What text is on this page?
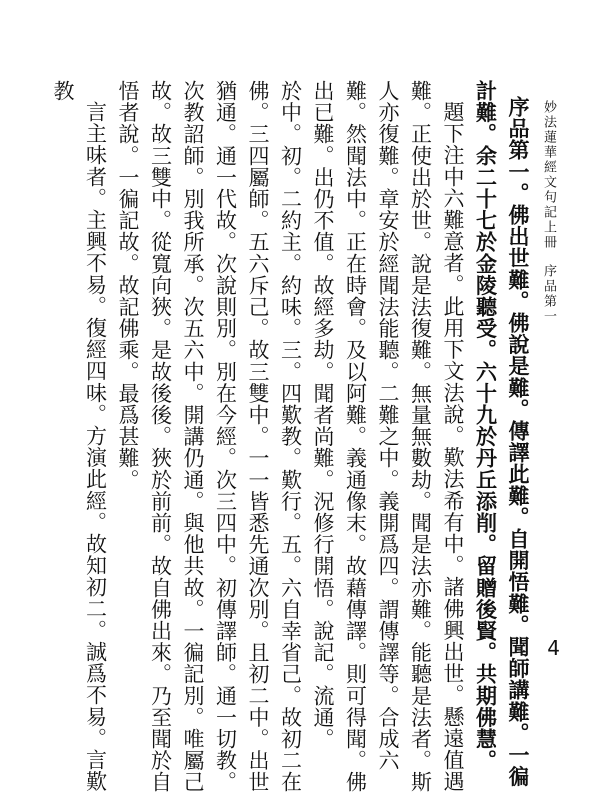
妙法蓮華經文句記上冊序品第一
4

序品第一。佛出世難。佛說是難。傳譯此難。自開悟難。聞師講難。一徧計難。余二十七於金陵聽受。六十九於丹丘添削。留贈後賢。共期佛慧。

題下注中六難意者。此用下文法說。歎法希有中。諸佛興出世。懸遠值遇難。正使出於世。說是法復難。無量無數劫。聞是法亦難。能聽是法者。斯人亦復難。章安於經聞法能聽。二難之中。義開爲四。謂傳譯等。合成六難。然聞法中。正在時會。及以阿難。義通像末。故藉傳譯。則可得聞。佛出已難。出仍不值。故經多劫。聞者尚難。況修行開悟。說記。流通。

於中。初。二約主。約味。三。四歎教。歎行。五。六自幸省己。故初二在佛。三四屬師。五六斥己。故三雙中。一一皆悉先通次別。且初二中。出世猶通。通一代故。次說則別。別在今經。次三四中。初傳譯師。通一切教。次教詔師。別我所承。次五六中。開講仍通。與他共故。一徧記別。唯屬己故。故三雙中。從寬向狹。是故後後。狹於前前。故自佛出來。乃至聞於自悟者說。一徧記故。故記佛乘。最爲甚難。

言主味者。主興不易。復經四味。方演此經。故知初二。誠爲不易。言歎教
